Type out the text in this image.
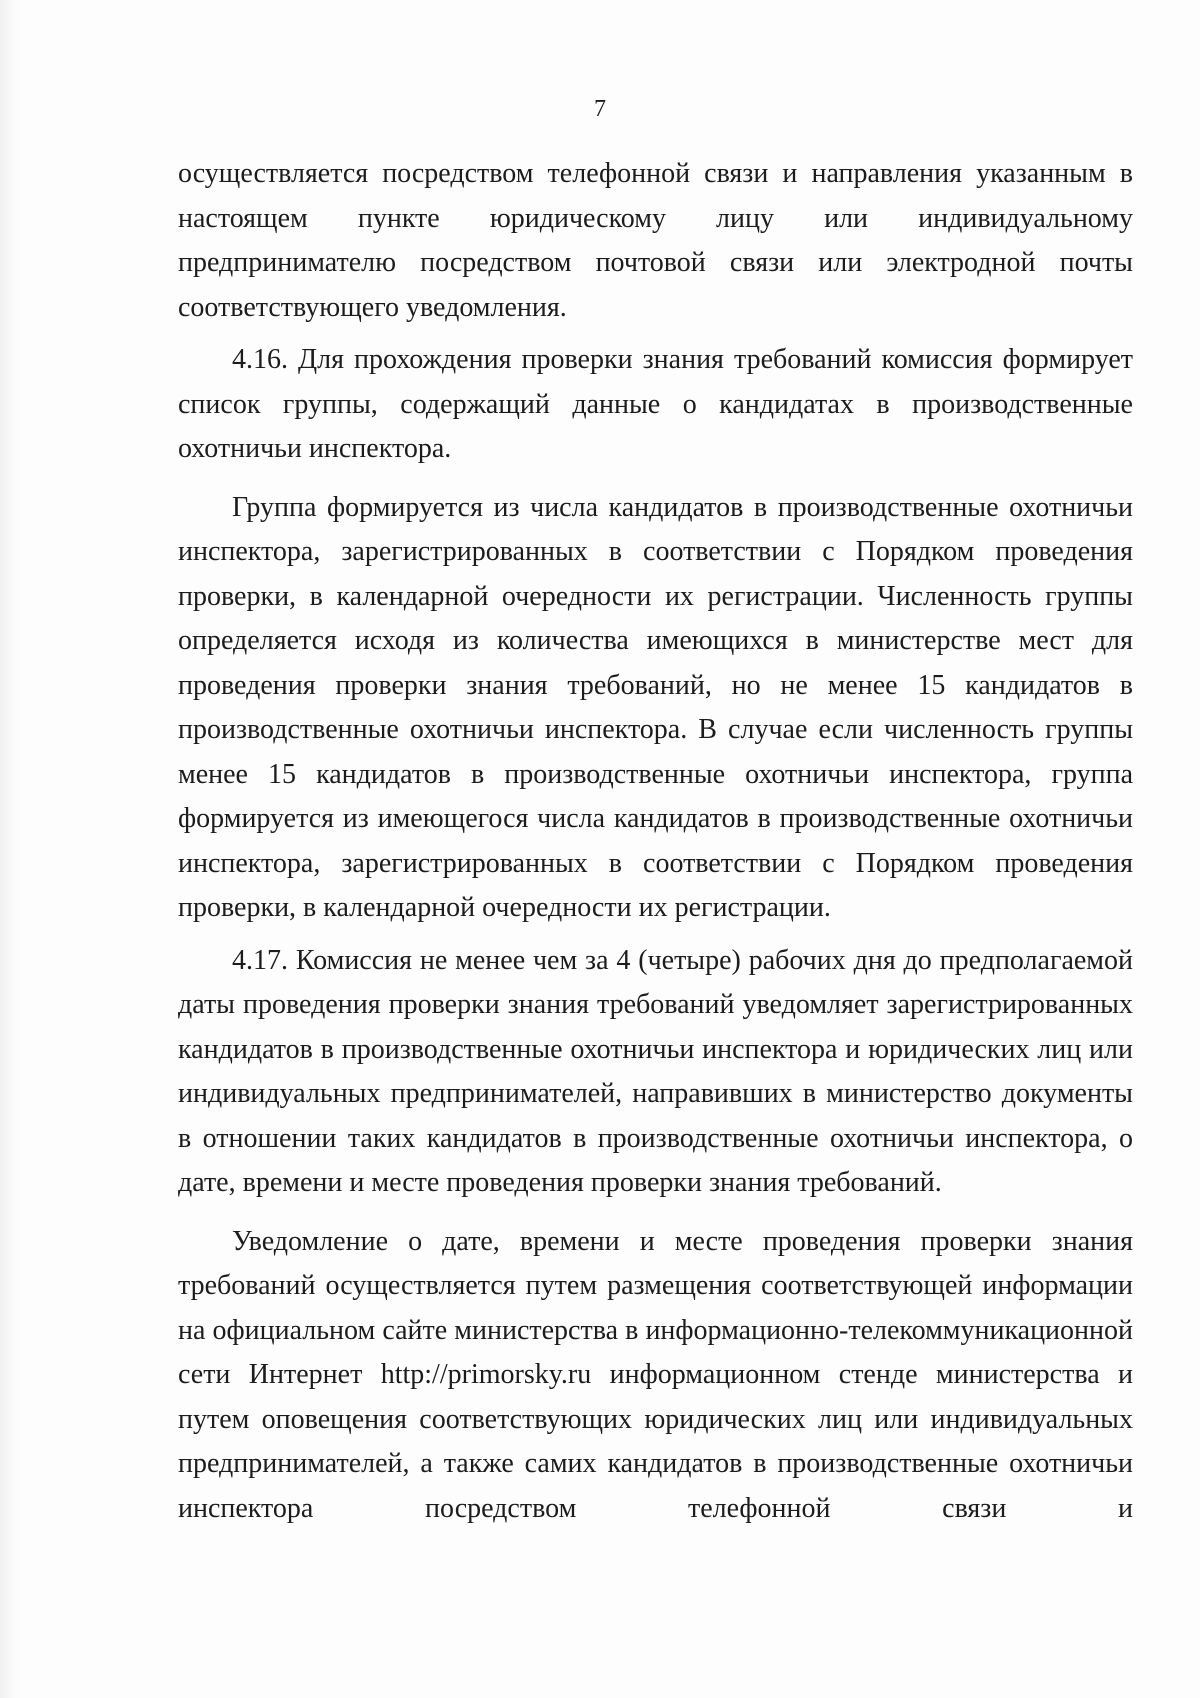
7

осуществляется посредством телефонной связи и направления указанным в настоящем пункте юридическому лицу или индивидуальному предпринимателю посредством почтовой связи или электродной почты соответствующего уведомления.

4.16. Для прохождения проверки знания требований комиссия формирует список группы, содержащий данные о кандидатах в производственные охотничьи инспектора.

Группа формируется из числа кандидатов в производственные охотничьи инспектора, зарегистрированных в соответствии с Порядком проведения проверки, в календарной очередности их регистрации. Численность группы определяется исходя из количества имеющихся в министерстве мест для проведения проверки знания требований, но не менее 15 кандидатов в производственные охотничьи инспектора. В случае если численность группы менее 15 кандидатов в производственные охотничьи инспектора, группа формируется из имеющегося числа кандидатов в производственные охотничьи инспектора, зарегистрированных в соответствии с Порядком проведения проверки, в календарной очередности их регистрации.

4.17. Комиссия не менее чем за 4 (четыре) рабочих дня до предполагаемой даты проведения проверки знания требований уведомляет зарегистрированных кандидатов в производственные охотничьи инспектора и юридических лиц или индивидуальных предпринимателей, направивших в министерство документы в отношении таких кандидатов в производственные охотничьи инспектора, о дате, времени и месте проведения проверки знания требований.

Уведомление о дате, времени и месте проведения проверки знания требований осуществляется путем размещения соответствующей информации на официальном сайте министерства в информационно-телекоммуникационной сети Интернет http://primorsky.ru информационном стенде министерства и путем оповещения соответствующих юридических лиц или индивидуальных предпринимателей, а также самих кандидатов в производственные охотничьи инспектора посредством телефонной связи и
